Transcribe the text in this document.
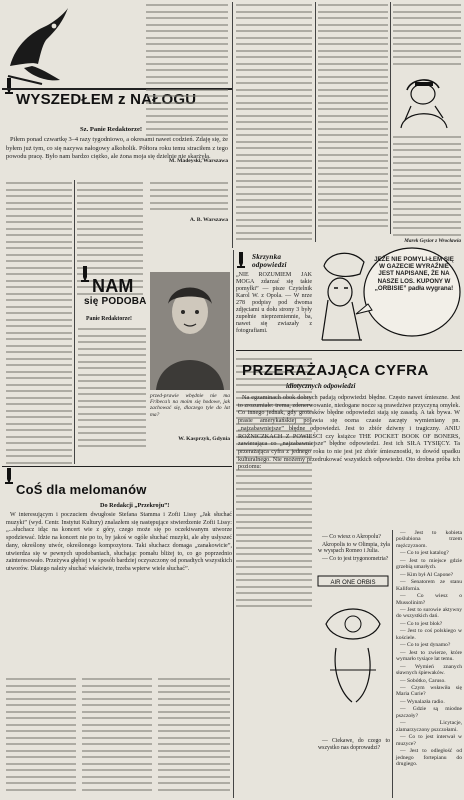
WYSZEDŁEM z NAŁOGU
Sz. Panie Redaktorze!

Piłem ponad czwartkę 3–4 razy tygodniowo, a okresami nawet codzień. Zdaję się, że byłem już tym, co się nazywa nałogowy alkoholik. Półtora roku temu straciłem z tego powodu pracę. Było nam bardzo ciężko, ale żona moja się dzielnie nie skarżyła.

A. B. Warszawa
NAM
się PODOBA
Panie Redaktorze!

przed-prawie wbędnie nie ma Fribeca’s na moim się hodowe, jak zachować się, dlaczego tyle do lat ma?

W. Kasprzyk, Gdynia
M. Madeyski, Warszawa
Skrzynka odpowiedzi

„NIE ROZUMIEM JAK MOGA zdarzać się takie pomyłki” — pisze Czytelnik Karol W. z Opola. — W nrze 278 podpisy pod dwoma zdjęciami u dołu strony 3 były zupełnie nieprzemiennie, ba, nawet się zwiazały z fotografiami.

Marek Gęsior z Wrocławia

JEŻE NIE POMYLI-ŁEM SIĘ W GAZECIE WYRAŹNIE JEST NAPISANE, ŻE NA NASZE LOS. KUPONY W „ORBISIE” padła wygrana!

PRZERAŻAJĄCA CYFRA
idiotycznych odpowiedzi

Na egzaminach obok dobrych padają odpowiedzi błędne. Często nawet śmieszne. Jest to zrozumiałe: trema, zdenerwowanie, niedogane nocze są prawdziwe przyczyną omyłek. Co innego jednak, gdy grotesków błędne odpowiedzi stają się zasadą. A tak bywa. W prasie amerykańskiej pojawia się ocena czasie zaczęty wymieniany pn. „najzabawniejsze” błędne odpowiedzi. Jest to zbiór dziwny i tragiczny. ANIU ROŻNICZKACH Z POWIEŚCI czy książce THE POCKET BOOK OF BONERS, zawierająca co „najzabawniejsze” błędne odpowiedzi. Jest ich SIŁA TYSIĘCY. Ta przerażająca cyfra z jednego roku to nie jest jeż zbiór śmiesznostki, to dowód upadku kulturalnego. Nie możemy przedrukować wszystkich odpowiedzi. Oto drobna próba ich poziomu:

— Co wiesz o Akropolu?

Akropolis to w Olimpia, żyła w wyspach Romeo i Julia.

— Co to jest trygonometria?

AIR ONE ORBIS

— Jest to kobieta poślubiona trzem mężczyznom.

— Co to jest katalog?

— Jest to miejsce gdzie grzebią umarłych.

— Kim był Al Capone?

— Senatorem ze stanu Kalifornia.

— Co wiesz o Mussolinim?

— Jest to surowie aktywny do wszystkich dań.

— Co to jest blok?

— Jest to coś polskiego w kościele.

— Co to jest dynamo?

— Jest to zwierze, które wymarło tysiące lat temu.

— Wymień znanych sławnych śpiewaków.

— Sobótko, Caruso.

— Czym wsławiła się Maria Curie?

— Wynalazła radio.

— Gdzie są miodne pszczoły?

— Licytacje, zlamarzyczony pszczołami.

— Co to jest interwał w muzyce?

— Jest to odległość od jednego fortepianu do drugiego.

— Ciekawe, do czego to wszystko nas doprowadzi?

CoŚ dla melomanów
Do Redakcji „Przekroju”!

W interesującym i poczuciem dwugłosie Stefana Stamma i Zofii Lissy „Jak słuchać muzyki” (wyd. Centr. Instytut Kultury) znalazłem się następujące stwierdzenie Zofii Lissy: „...słuchacz idąc na koncert wie z góry, czego może się po oczekiwanym utworze spodziewać. Idzie na koncert nie po to, by jakoś w ogóle słuchać muzyki, ale aby usłyszeć dany, określony utwór, określonego kompozytora. Taki słuchacz domaga „zanakowicie”, utwierdza się w pewnych upodobaniach, słuchając pomału bliżej to, co go poprzednio zainteresowało. Przeżywa głębiej i w sposób bardziej oczyszczony od ponadtych wszystkich utworów. Dlatego należy słuchać właściwie, trzeba wpierw wiele słuchać”.
